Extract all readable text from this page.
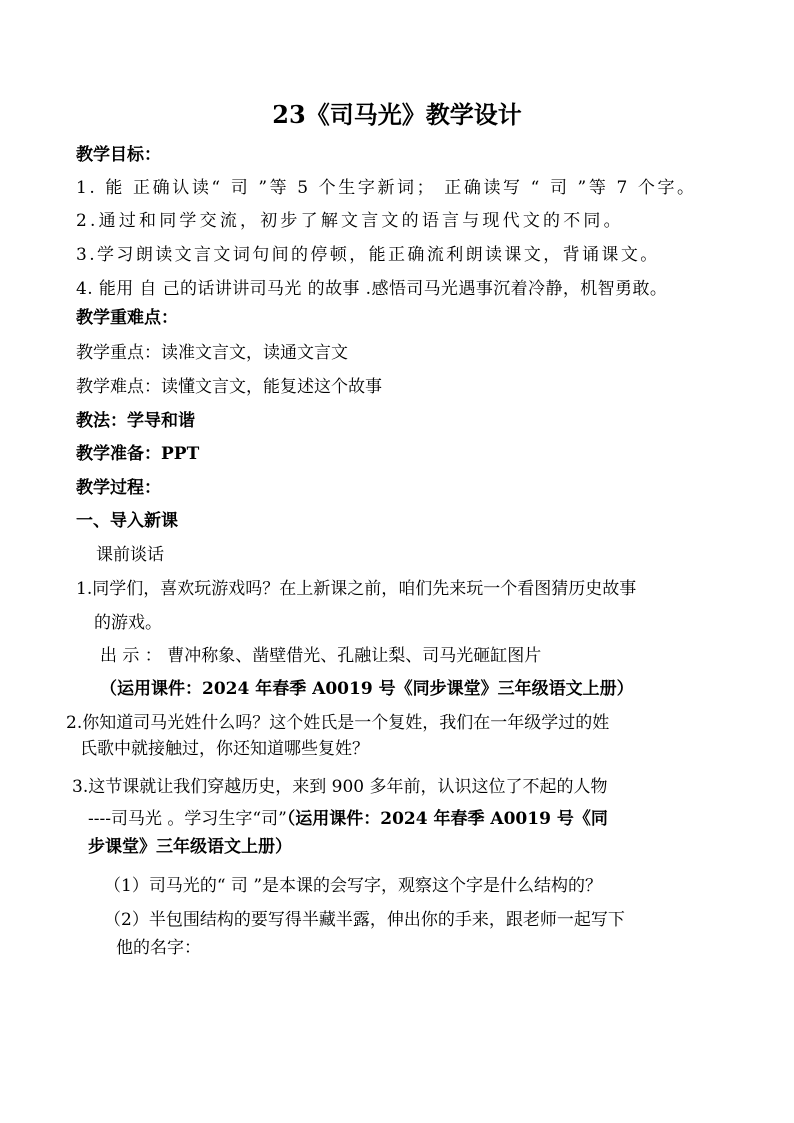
23《司马光》教学设计
教学目标：
1. 能 正确认读“ 司 ”等 5 个生字新词； 正确读写 “ 司 ”等 7 个字。
2.通过和同学交流，初步了解文言文的语言与现代文的不同。
3.学习朗读文言文词句间的停顿，能正确流利朗读课文，背诵课文。
4. 能用 自 己的话讲讲司马光 的故事 .感悟司马光遇事沉着冷静，机智勇敢。
教学重难点：
教学重点：读准文言文，读通文言文
教学难点：读懂文言文，能复述这个故事
教法：学导和谐
教学准备：PPT
教学过程：
一、导入新课
课前谈话
1.同学们，喜欢玩游戏吗？在上新课之前，咱们先来玩一个看图猜历史故事
的游戏。
出 示 ： 曹冲称象、凿壁借光、孔融让梨、司马光砸缸图片
（运用课件：2024 年春季 A0019 号《同步课堂》三年级语文上册）
2.你知道司马光姓什么吗？这个姓氏是一个复姓，我们在一年级学过的姓
氏歌中就接触过，你还知道哪些复姓？
3.这节课就让我们穿越历史，来到 900 多年前，认识这位了不起的人物
----司马光 。学习生字“司”（运用课件：2024 年春季 A0019 号《同
步课堂》三年级语文上册）
（1）司马光的“ 司 ”是本课的会写字，观察这个字是什么结构的？
（2）半包围结构的要写得半藏半露，伸出你的手来，跟老师一起写下
他的名字：
